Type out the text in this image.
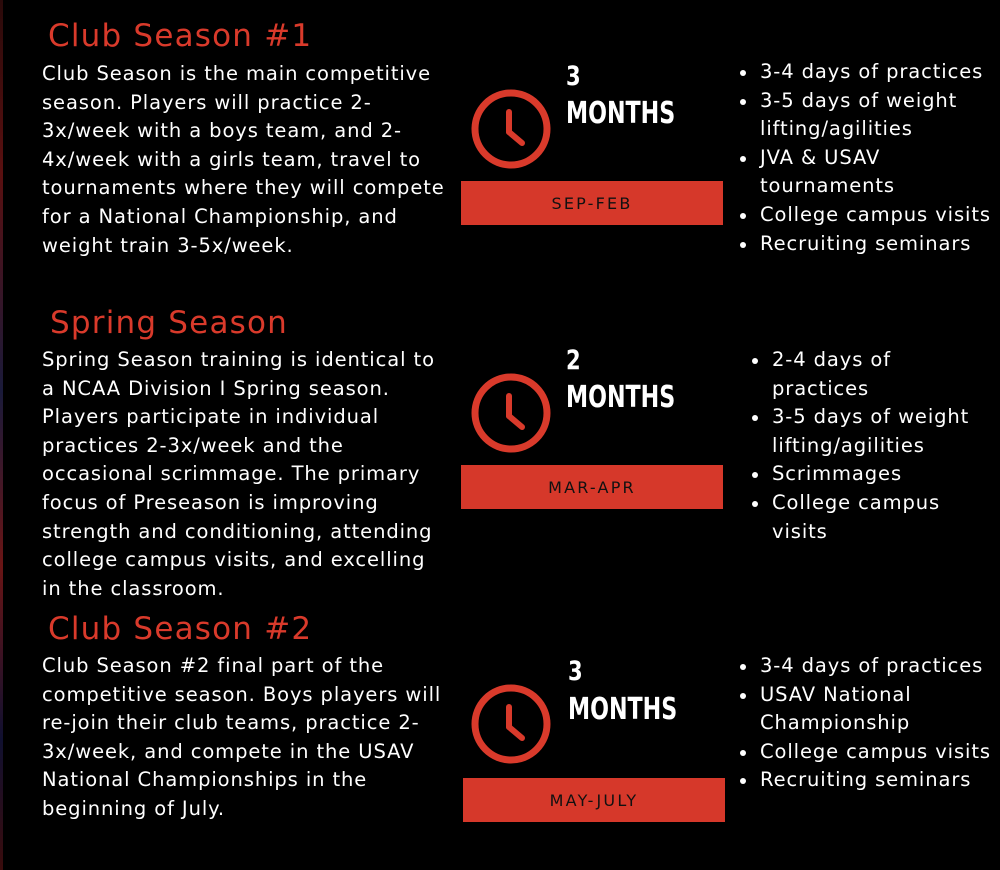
Club Season #1

Club Season is the main competitive season. Players will practice 2-3x/week with a boys team, and 2-4x/week with a girls team, travel to tournaments where they will compete for a National Championship, and weight train 3-5x/week.

3
MONTHS
SEP-FEB
3-4 days of practices
3-5 days of weight lifting/agilities
JVA & USAV tournaments
College campus visits
Recruiting seminars
Spring Season

Spring Season training is identical to a NCAA Division I Spring season. Players participate in individual practices 2-3x/week and the occasional scrimmage. The primary focus of Preseason is improving strength and conditioning, attending college campus visits, and excelling in the classroom.

2
MONTHS
MAR-APR
2-4 days of practices
3-5 days of weight lifting/agilities
Scrimmages
College campus visits
Club Season #2

Club Season #2 final part of the competitive season. Boys players will re-join their club teams, practice 2-3x/week, and compete in the USAV National Championships in the beginning of July.

3
MONTHS
MAY-JULY
3-4 days of practices
USAV National Championship
College campus visits
Recruiting seminars
